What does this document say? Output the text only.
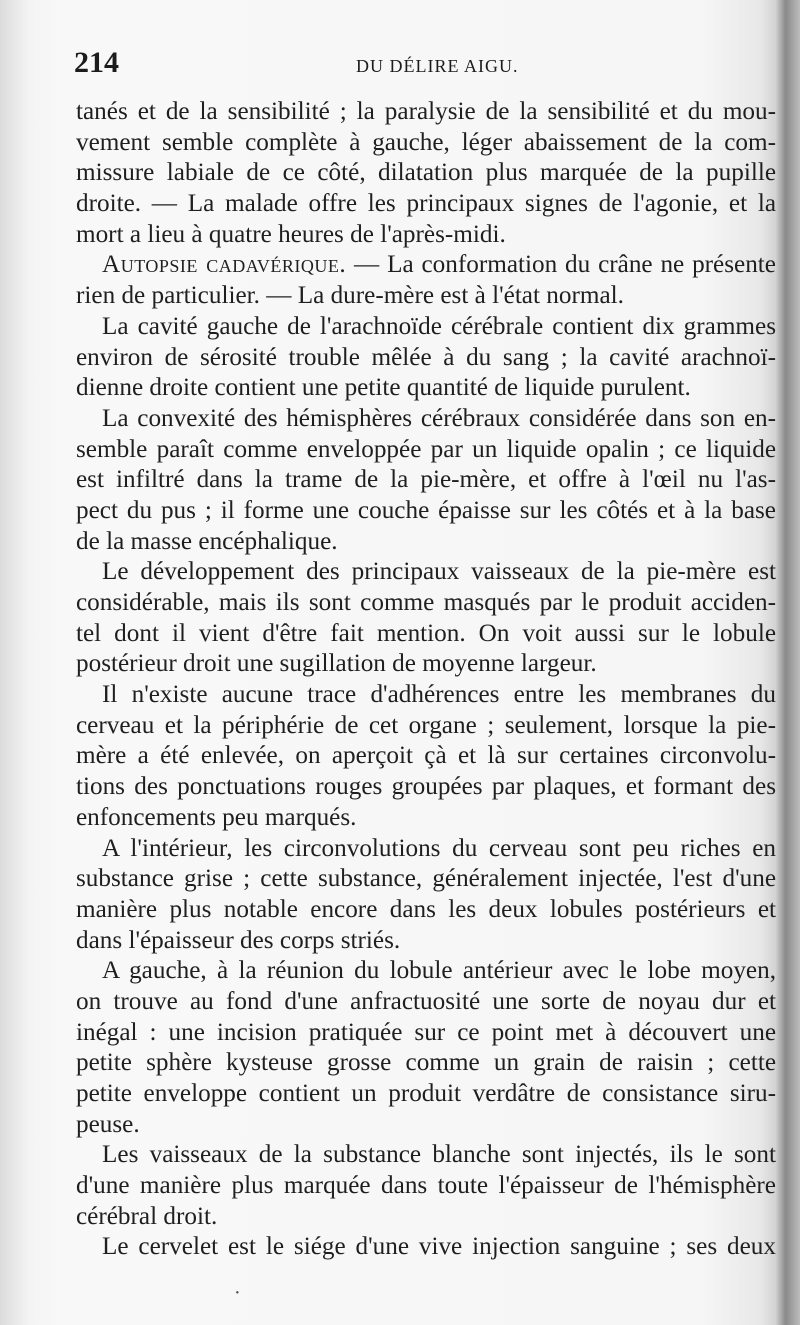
214	DU DÉLIRE AIGU.
tanés et de la sensibilité ; la paralysie de la sensibilité et du mou-
vement semble complète à gauche, léger abaissement de la com-
missure labiale de ce côté, dilatation plus marquée de la pupille
droite. — La malade offre les principaux signes de l'agonie, et la
mort a lieu à quatre heures de l'après-midi.
Autopsie cadavérique. — La conformation du crâne ne présente
rien de particulier. — La dure-mère est à l'état normal.
La cavité gauche de l'arachnoïde cérébrale contient dix grammes
environ de sérosité trouble mêlée à du sang ; la cavité arachnoï-
dienne droite contient une petite quantité de liquide purulent.
La convexité des hémisphères cérébraux considérée dans son en-
semble paraît comme enveloppée par un liquide opalin ; ce liquide
est infiltré dans la trame de la pie-mère, et offre à l'œil nu l'as-
pect du pus ; il forme une couche épaisse sur les côtés et à la base
de la masse encéphalique.
Le développement des principaux vaisseaux de la pie-mère est
considérable, mais ils sont comme masqués par le produit acciden-
tel dont il vient d'être fait mention. On voit aussi sur le lobule
postérieur droit une sugillation de moyenne largeur.
Il n'existe aucune trace d'adhérences entre les membranes du
cerveau et la périphérie de cet organe ; seulement, lorsque la pie-
mère a été enlevée, on aperçoit çà et là sur certaines circonvolu-
tions des ponctuations rouges groupées par plaques, et formant des
enfoncements peu marqués.
A l'intérieur, les circonvolutions du cerveau sont peu riches en
substance grise ; cette substance, généralement injectée, l'est d'une
manière plus notable encore dans les deux lobules postérieurs et
dans l'épaisseur des corps striés.
A gauche, à la réunion du lobule antérieur avec le lobe moyen,
on trouve au fond d'une anfractuosité une sorte de noyau dur et
inégal : une incision pratiquée sur ce point met à découvert une
petite sphère kysteuse grosse comme un grain de raisin ; cette
petite enveloppe contient un produit verdâtre de consistance siru-
peuse.
Les vaisseaux de la substance blanche sont injectés, ils le sont
d'une manière plus marquée dans toute l'épaisseur de l'hémisphère
cérébral droit.
Le cervelet est le siége d'une vive injection sanguine ; ses deux
·
